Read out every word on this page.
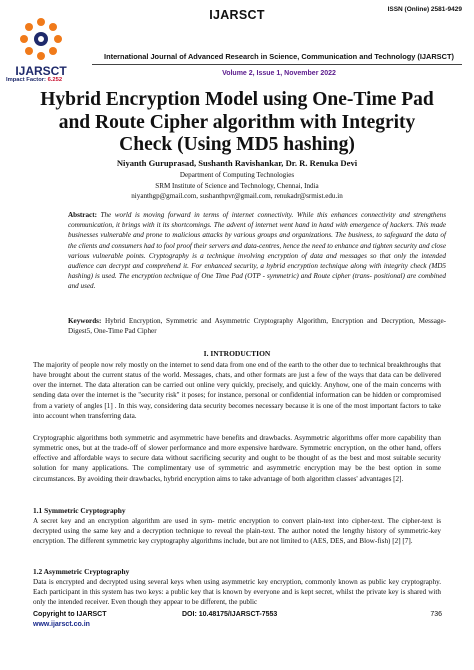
IJARSCT	ISSN (Online) 2581-9429
IJARSCT
Impact Factor: 6.252
International Journal of Advanced Research in Science, Communication and Technology (IJARSCT)
Volume 2, Issue 1, November 2022
Hybrid Encryption Model using One-Time Pad and Route Cipher algorithm with Integrity Check (Using MD5 hashing)
Niyanth Guruprasad, Sushanth Ravishankar, Dr. R. Renuka Devi
Department of Computing Technologies
SRM Institute of Science and Technology, Chennai, India
niyanthgp@gmail.com, sushanthpvr@gmail.com, renukadr@srmist.edu.in
Abstract: The world is moving forward in terms of internet connectivity. While this enhances connectivity and strengthens communication, it brings with it its shortcomings. The advent of internet went hand in hand with emergence of hackers. This made businesses vulnerable and prone to malicious attacks by various groups and organizations. The business, to safeguard the data of the clients and consumers had to fool proof their servers and data-centres, hence the need to enhance and tighten security and close various vulnerable points. Cryptography is a technique involving encryption of data and messages so that only the intended audience can decrypt and comprehend it. For enhanced security, a hybrid encryption technique along with integrity check (MD5 hashing) is used. The encryption technique of One Time Pad (OTP - symmetric) and Route cipher (trans- positional) are combined and used.
Keywords: Hybrid Encryption, Symmetric and Asymmetric Cryptography Algorithm, Encryption and Decryption, Message- Digest5, One-Time Pad Cipher
I. INTRODUCTION
The majority of people now rely mostly on the internet to send data from one end of the earth to the other due to technical breakthroughs that have brought about the current status of the world. Messages, chats, and other formats are just a few of the ways that data can be delivered over the internet. The data alteration can be carried out online very quickly, precisely, and quickly. Anyhow, one of the main concerns with sending data over the internet is the "security risk" it poses; for instance, personal or confidential information can be hidden or compromised from a variety of angles [1] . In this way, considering data security becomes necessary because it is one of the most important factors to take into account when transferring data.
Cryptographic algorithms both symmetric and asymmetric have benefits and drawbacks. Asymmetric algorithms offer more capability than symmetric ones, but at the trade-off of slower performance and more expensive hardware. Symmetric encryption, on the other hand, offers effective and affordable ways to secure data without sacrificing security and ought to be thought of as the best and most suitable security solution for many applications. The complimentary use of symmetric and asymmetric encryption may be the best option in some circumstances. By avoiding their drawbacks, hybrid encryption aims to take advantage of both algorithm classes' advantages [2].
1.1 Symmetric Cryptography
A secret key and an encryption algorithm are used in sym- metric encryption to convert plain-text into cipher-text. The cipher-text is decrypted using the same key and a decryption technique to reveal the plain-text. The author noted the lengthy history of symmetric-key encryption. The different symmetric key cryptography algorithms include, but are not limited to (AES, DES, and Blow-fish) [2] [7].
1.2 Asymmetric Cryptography
Data is encrypted and decrypted using several keys when using asymmetric key encryption, commonly known as public key cryptography. Each participant in this system has two keys: a public key that is known by everyone and is kept secret, whilst the private key is shared with only the intended receiver. Even though they appear to be different, the public
Copyright to IJARSCT	DOI: 10.48175/IJARSCT-7553	736
www.ijarsct.co.in
